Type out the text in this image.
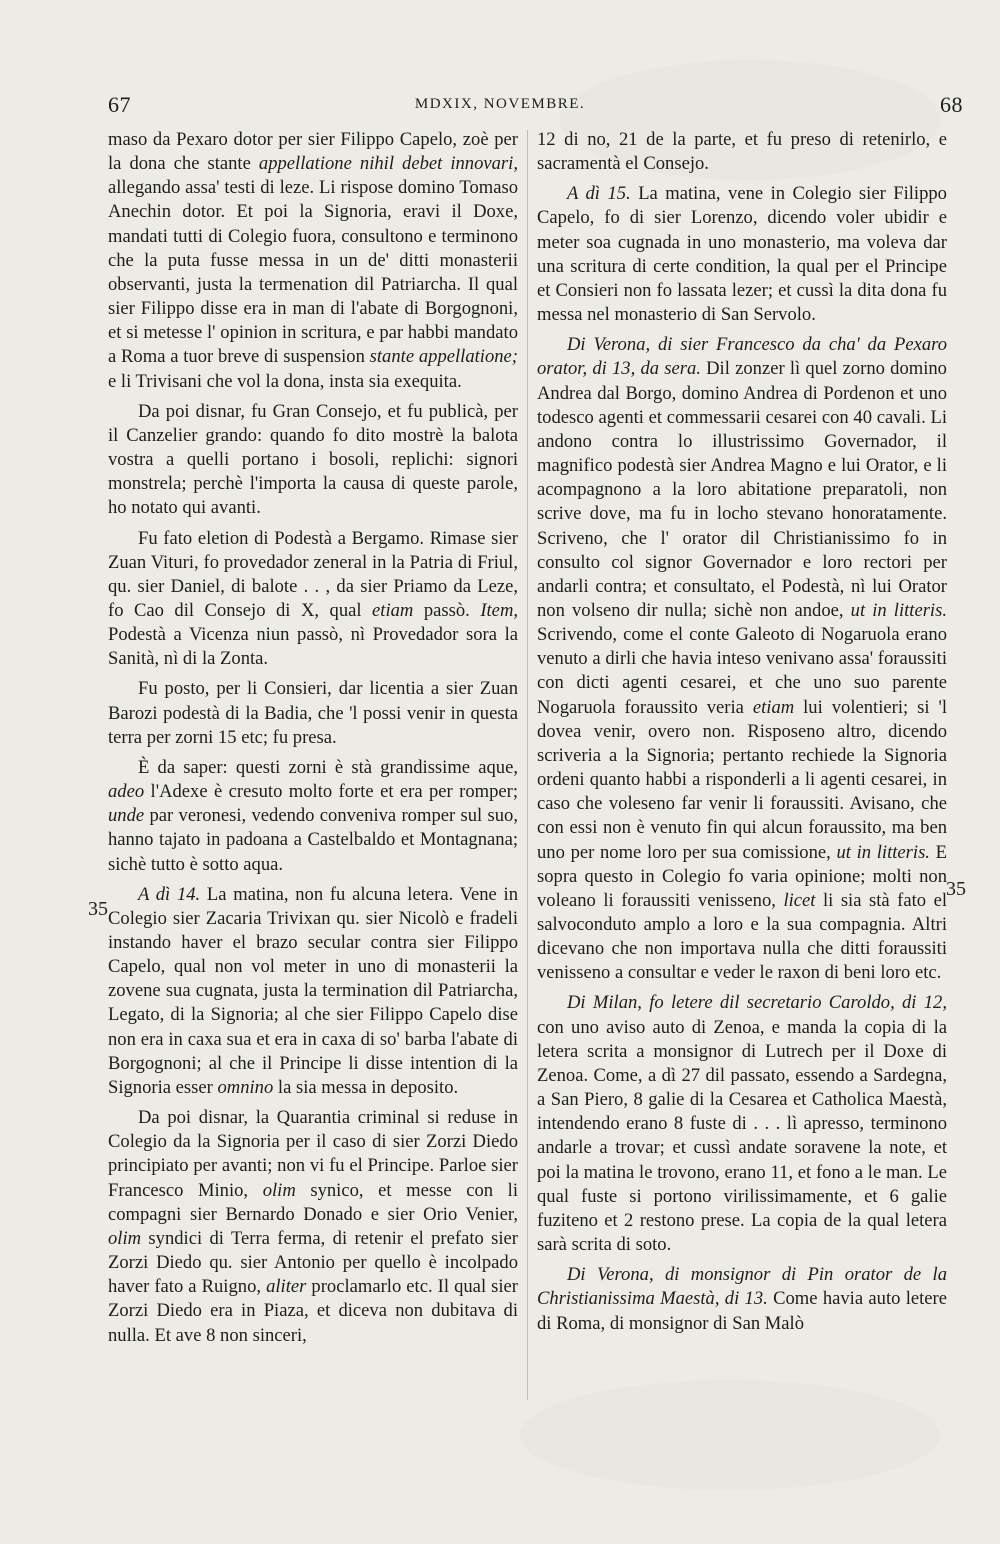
67	MDXIX, NOVEMBRE.	68

maso da Pexaro dotor per sier Filippo Capelo, zoè per la dona che stante appellatione nihil debet innovari, allegando assa' testi di leze. Li rispose domino Tomaso Anechin dotor. Et poi la Signoria, eravi il Doxe, mandati tutti di Colegio fuora, consultono e terminono che la puta fusse messa in un de' ditti monasterii observanti, justa la termenation dil Patriarcha. Il qual sier Filippo disse era in man di l'abate di Borgognoni, et si metesse l' opinion in scritura, e par habbi mandato a Roma a tuor breve di suspension stante appellatione; e li Trivisani che vol la dona, insta sia exequita.

Da poi disnar, fu Gran Consejo, et fu publicà, per il Canzelier grando: quando fo dito mostrè la balota vostra a quelli portano i bosoli, replichi: signori monstrela; perchè l'importa la causa di queste parole, ho notato qui avanti.

Fu fato eletion di Podestà a Bergamo. Rimase sier Zuan Vituri, fo provedador zeneral in la Patria di Friul, qu. sier Daniel, di balote . . , da sier Priamo da Leze, fo Cao dil Consejo di X, qual etiam passò. Item, Podestà a Vicenza niun passò, nì Provedador sora la Sanità, nì di la Zonta.

Fu posto, per li Consieri, dar licentia a sier Zuan Barozi podestà di la Badia, che 'l possi venir in questa terra per zorni 15 etc; fu presa.

È da saper: questi zorni è stà grandissime aque, adeo l'Adexe è cresuto molto forte et era per romper; unde par veronesi, vedendo conveniva romper sul suo, hanno tajato in padoana a Castelbaldo et Montagnana; sichè tutto è sotto aqua.

A dì 14. La matina, non fu alcuna letera. Vene in Colegio sier Zacaria Trivixan qu. sier Nicolò e fradeli instando haver el brazo secular contra sier Filippo Capelo, qual non vol meter in uno di monasterii la zovene sua cugnata, justa la termination dil Patriarcha, Legato, di la Signoria; al che sier Filippo Capelo dise non era in caxa sua et era in caxa di so' barba l'abate di Borgognoni; al che il Principe li disse intention di la Signoria esser omnino la sia messa in deposito.

Da poi disnar, la Quarantia criminal si reduse in Colegio da la Signoria per il caso di sier Zorzi Diedo principiato per avanti; non vi fu el Principe. Parloe sier Francesco Minio, olim synico, et messe con li compagni sier Bernardo Donado e sier Orio Venier, olim syndici di Terra ferma, di retenir el prefato sier Zorzi Diedo qu. sier Antonio per quello è incolpado haver fato a Ruigno, aliter proclamarlo etc. Il qual sier Zorzi Diedo era in Piaza, et diceva non dubitava di nulla. Et ave 8 non sinceri,

12 di no, 21 de la parte, et fu preso di retenirlo, e sacramentà el Consejo.

A dì 15. La matina, vene in Colegio sier Filippo Capelo, fo di sier Lorenzo, dicendo voler ubidir e meter soa cugnada in uno monasterio, ma voleva dar una scritura di certe condition, la qual per el Principe et Consieri non fo lassata lezer; et cussì la dita dona fu messa nel monasterio di San Servolo.

Di Verona, di sier Francesco da cha' da Pexaro orator, di 13, da sera. Dil zonzer lì quel zorno domino Andrea dal Borgo, domino Andrea di Pordenon et uno todesco agenti et commessarii cesarei con 40 cavali. Li andono contra lo illustrissimo Governador, il magnifico podestà sier Andrea Magno e lui Orator, e li acompagnono a la loro abitatione preparatoli, non scrive dove, ma fu in locho stevano honoratamente. Scriveno, che l' orator dil Christianissimo fo in consulto col signor Governador e loro rectori per andarli contra; et consultato, el Podestà, nì lui Orator non volseno dir nulla; sichè non andoe, ut in litteris. Scrivendo, come el conte Galeoto di Nogaruola erano venuto a dirli che havia inteso venivano assa' foraussiti con dicti agenti cesarei, et che uno suo parente Nogaruola foraussito veria etiam lui volentieri; si 'l dovea venir, overo non. Risposeno altro, dicendo scriveria a la Signoria; pertanto rechiede la Signoria ordeni quanto habbi a risponderli a li agenti cesarei, in caso che voleseno far venir li foraussiti. Avisano, che con essi non è venuto fin qui alcun foraussito, ma ben uno per nome loro per sua comissione, ut in litteris. E sopra questo in Colegio fo varia opinione; molti non voleano li foraussiti venisseno, licet li sia stà fato el salvoconduto amplo a loro e la sua compagnia. Altri dicevano che non importava nulla che ditti foraussiti venisseno a consultar e veder le raxon di beni loro etc.

Di Milan, fo letere dil secretario Caroldo, di 12, con uno aviso auto di Zenoa, e manda la copia di la letera scrita a monsignor di Lutrech per il Doxe di Zenoa. Come, a dì 27 dil passato, essendo a Sardegna, a San Piero, 8 galie di la Cesarea et Catholica Maestà, intendendo erano 8 fuste di . . . lì apresso, terminono andarle a trovar; et cussì andate soravene la note, et poi la matina le trovono, erano 11, et fono a le man. Le qual fuste si portono virilissimamente, et 6 galie fuziteno et 2 restono prese. La copia de la qual letera sarà scrita di soto.

Di Verona, di monsignor di Pin orator de la Christianissima Maestà, di 13. Come havia auto letere di Roma, di monsignor di San Malò

35
35
